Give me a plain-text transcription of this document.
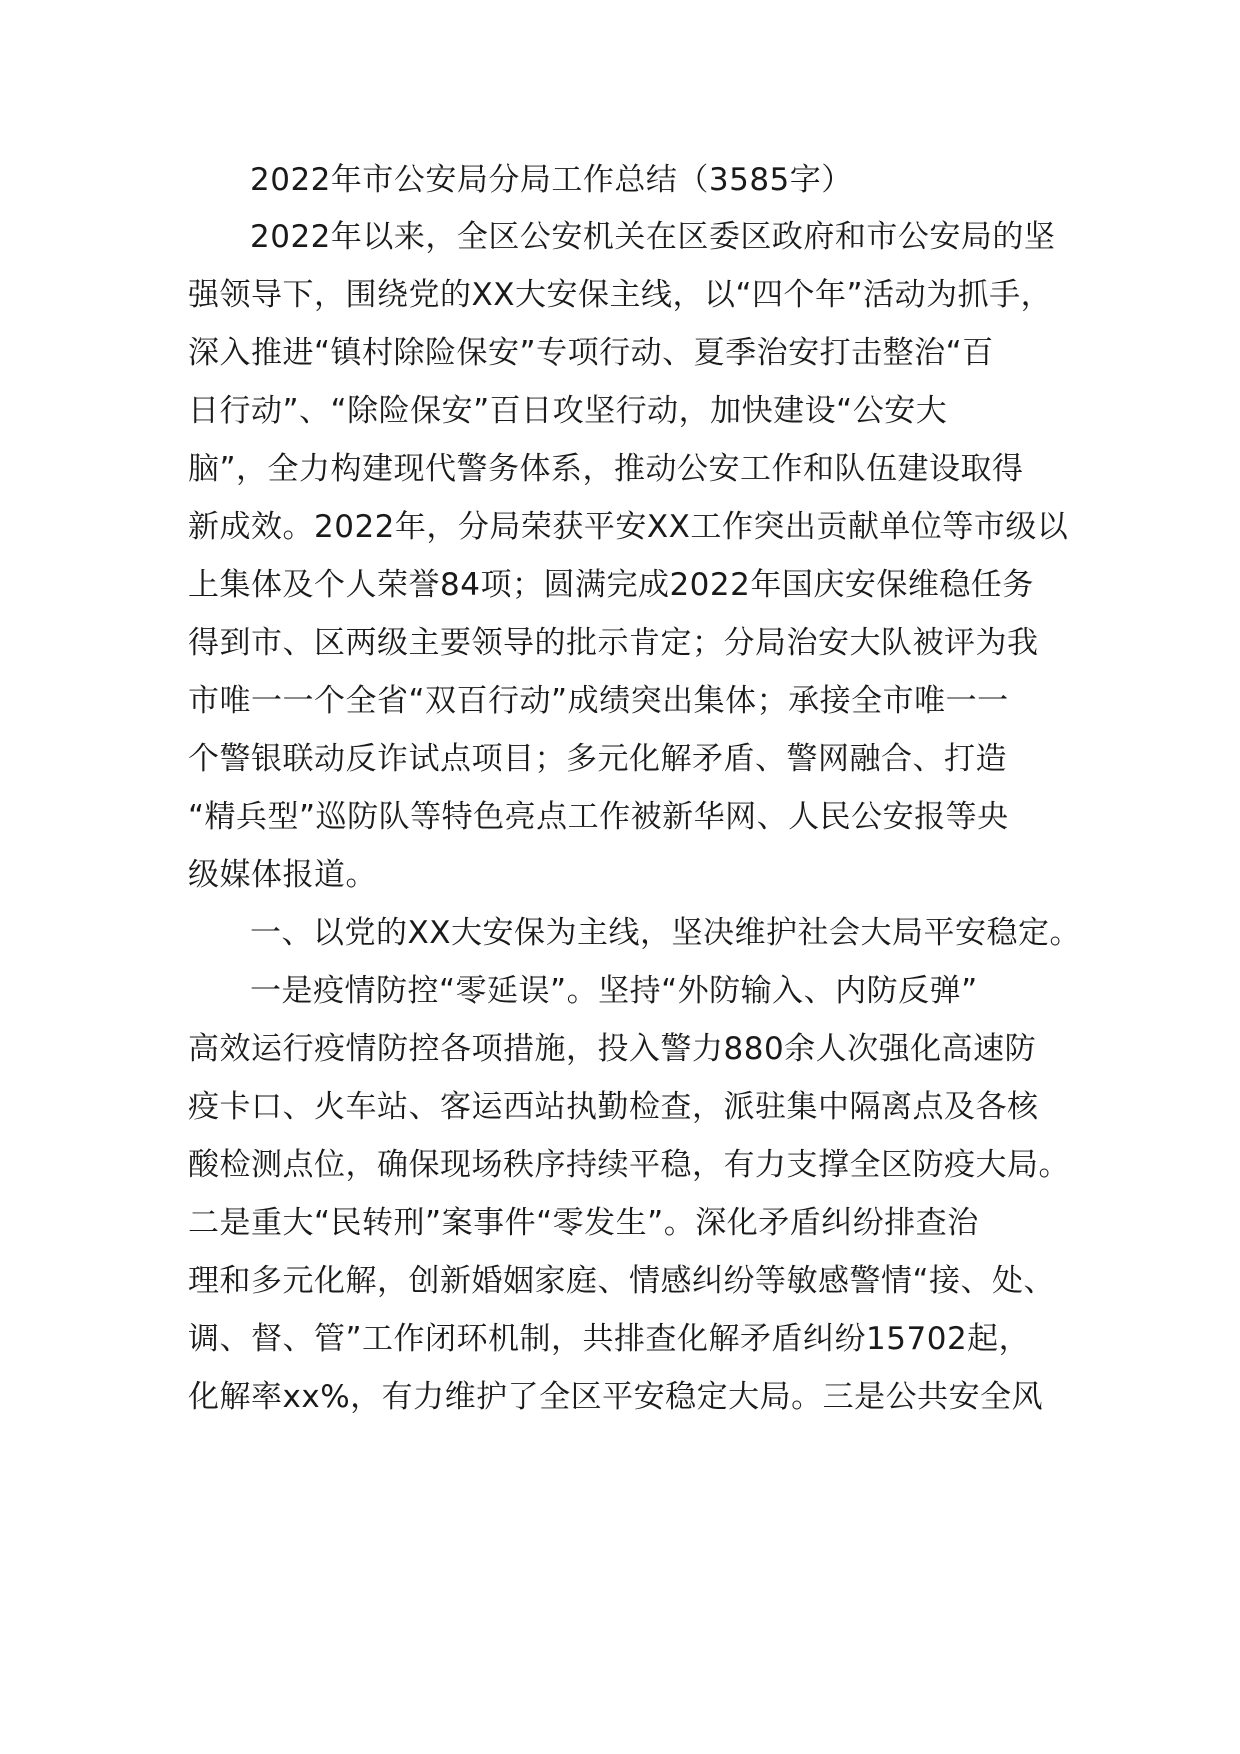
2022年市公安局分局工作总结（3585字）
2022年以来，全区公安机关在区委区政府和市公安局的坚
强领导下，围绕党的XX大安保主线，以“四个年”活动为抓手，
深入推进“镇村除险保安”专项行动、夏季治安打击整治“百
日行动”、“除险保安”百日攻坚行动，加快建设“公安大
脑”，全力构建现代警务体系，推动公安工作和队伍建设取得
新成效。2022年，分局荣获平安XX工作突出贡献单位等市级以
上集体及个人荣誉84项；圆满完成2022年国庆安保维稳任务
得到市、区两级主要领导的批示肯定；分局治安大队被评为我
市唯一一个全省“双百行动”成绩突出集体；承接全市唯一一
个警银联动反诈试点项目；多元化解矛盾、警网融合、打造
“精兵型”巡防队等特色亮点工作被新华网、人民公安报等央
级媒体报道。
一、以党的XX大安保为主线，坚决维护社会大局平安稳定。
一是疫情防控“零延误”。坚持“外防输入、内防反弹”
高效运行疫情防控各项措施，投入警力880余人次强化高速防
疫卡口、火车站、客运西站执勤检查，派驻集中隔离点及各核
酸检测点位，确保现场秩序持续平稳，有力支撑全区防疫大局。
二是重大“民转刑”案事件“零发生”。深化矛盾纠纷排查治
理和多元化解，创新婚姻家庭、情感纠纷等敏感警情“接、处、
调、督、管”工作闭环机制，共排查化解矛盾纠纷15702起，
化解率xx%，有力维护了全区平安稳定大局。三是公共安全风
